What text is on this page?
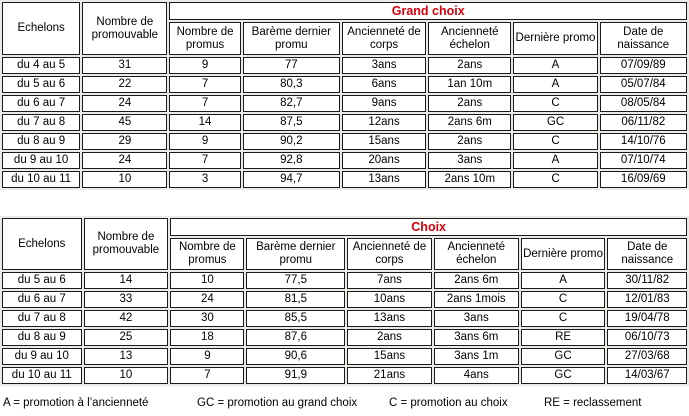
Echelons	Nombre de promouvable	Grand choix					
		Nombre de promus	Barème dernier promu	Ancienneté de corps	Ancienneté échelon	Dernière promo	Date de naissance
du 4 au 5	31	9	77	3ans	2ans	A	07/09/89
du 5 au 6	22	7	80,3	6ans	1an 10m	A	05/07/84
du 6 au 7	24	7	82,7	9ans	2ans	C	08/05/84
du 7 au 8	45	14	87,5	12ans	2ans 6m	GC	06/11/82
du 8 au 9	29	9	90,2	15ans	2ans	C	14/10/76
du 9 au 10	24	7	92,8	20ans	3ans	A	07/10/74
du 10 au 11	10	3	94,7	13ans	2ans 10m	C	16/09/69
Echelons	Nombre de promouvable	Choix					
		Nombre de promus	Barème dernier promu	Ancienneté de corps	Ancienneté échelon	Dernière promo	Date de naissance
du 5 au 6	14	10	77,5	7ans	2ans 6m	A	30/11/82
du 6 au 7	33	24	81,5	10ans	2ans 1mois	C	12/01/83
du 7 au 8	42	30	85,5	13ans	3ans	C	19/04/78
du 8 au 9	25	18	87,6	2ans	3ans 6m	RE	06/10/73
du 9 au 10	13	9	90,6	15ans	3ans 1m	GC	27/03/68
du 10 au 11	10	7	91,9	21ans	4ans	GC	14/03/67
A = promotion à l’ancienneté	GC = promotion au grand choix	C = promotion au choix	RE = reclassement
